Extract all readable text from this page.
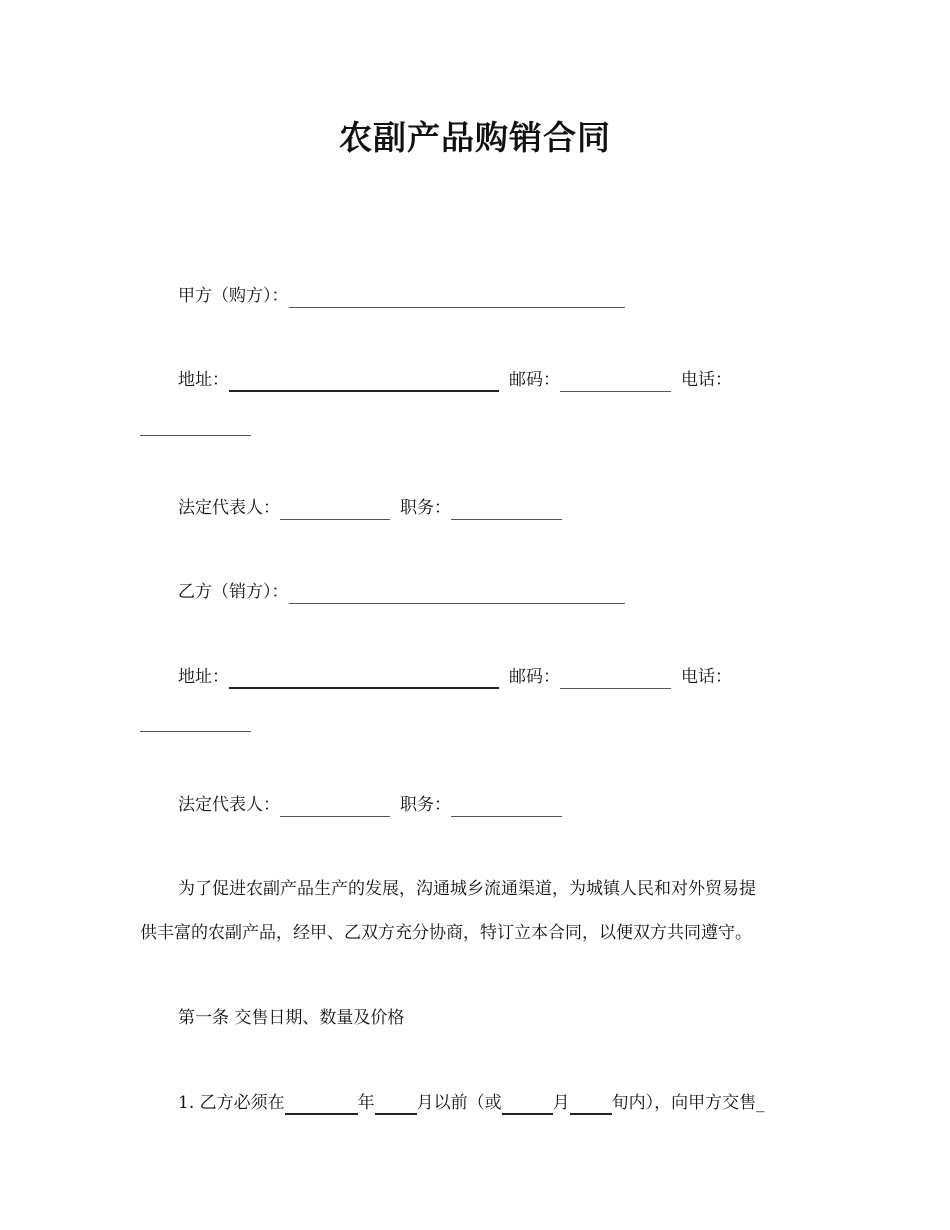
农副产品购销合同
甲方（购方）：
地址：	邮码：	电话：
法定代表人：	职务：
乙方（销方）：
地址：	邮码：	电话：
法定代表人：	职务：
为了促进农副产品生产的发展，沟通城乡流通渠道，为城镇人民和对外贸易提
供丰富的农副产品，经甲、乙双方充分协商，特订立本合同，以便双方共同遵守。
第一条 交售日期、数量及价格
1. 乙方必须在	年 月以前（或	月 旬内），向甲方交售_
